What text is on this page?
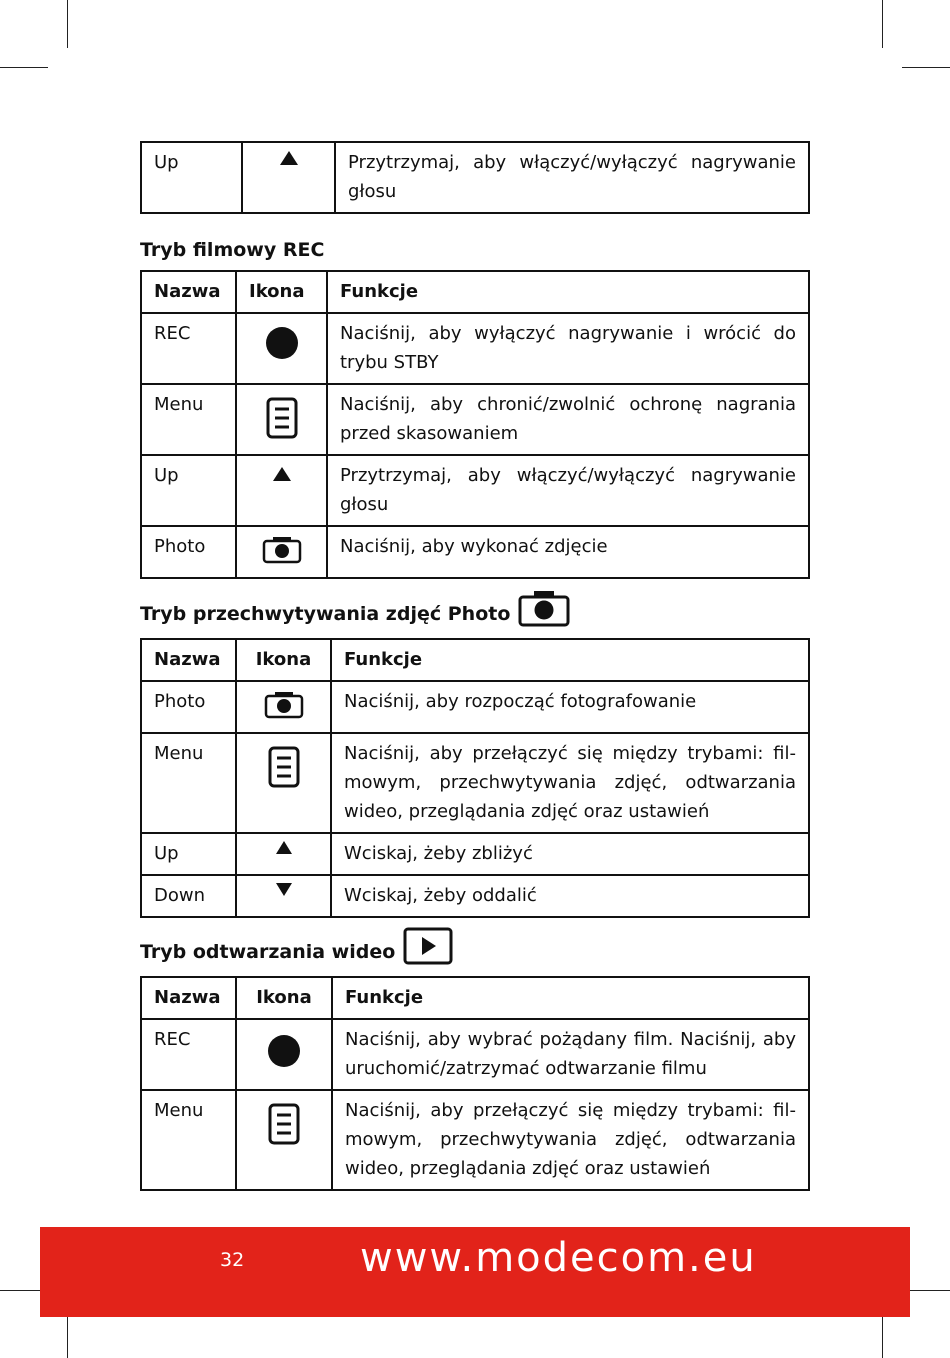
Up		Przytrzymaj, aby włączyć/wyłączyć nagrywanie głosu
Tryb filmowy REC
Nazwa	Ikona	Funkcje
REC		Naciśnij, aby wyłączyć nagrywanie i wrócić do trybu STBY
Menu		Naciśnij, aby chronić/zwolnić ochronę nagrania przed skasowaniem
Up		Przytrzymaj, aby włączyć/wyłączyć nagrywanie głosu
Photo		Naciśnij, aby wykonać zdjęcie
Tryb przechwytywania zdjęć Photo
Nazwa	Ikona	Funkcje
Photo		Naciśnij, aby rozpocząć fotografowanie
Menu		Naciśnij, aby przełączyć się między trybami: fil-mowym, przechwytywania zdjęć, odtwarzania wideo, przeglądania zdjęć oraz ustawień
Up		Wciskaj, żeby zbliżyć
Down		Wciskaj, żeby oddalić
Tryb odtwarzania wideo
Nazwa	Ikona	Funkcje
REC		Naciśnij, aby wybrać pożądany film. Naciśnij, aby uruchomić/zatrzymać odtwarzanie filmu
Menu		Naciśnij, aby przełączyć się między trybami: fil-mowym, przechwytywania zdjęć, odtwarzania wideo, przeglądania zdjęć oraz ustawień
32	www.modecom.eu
